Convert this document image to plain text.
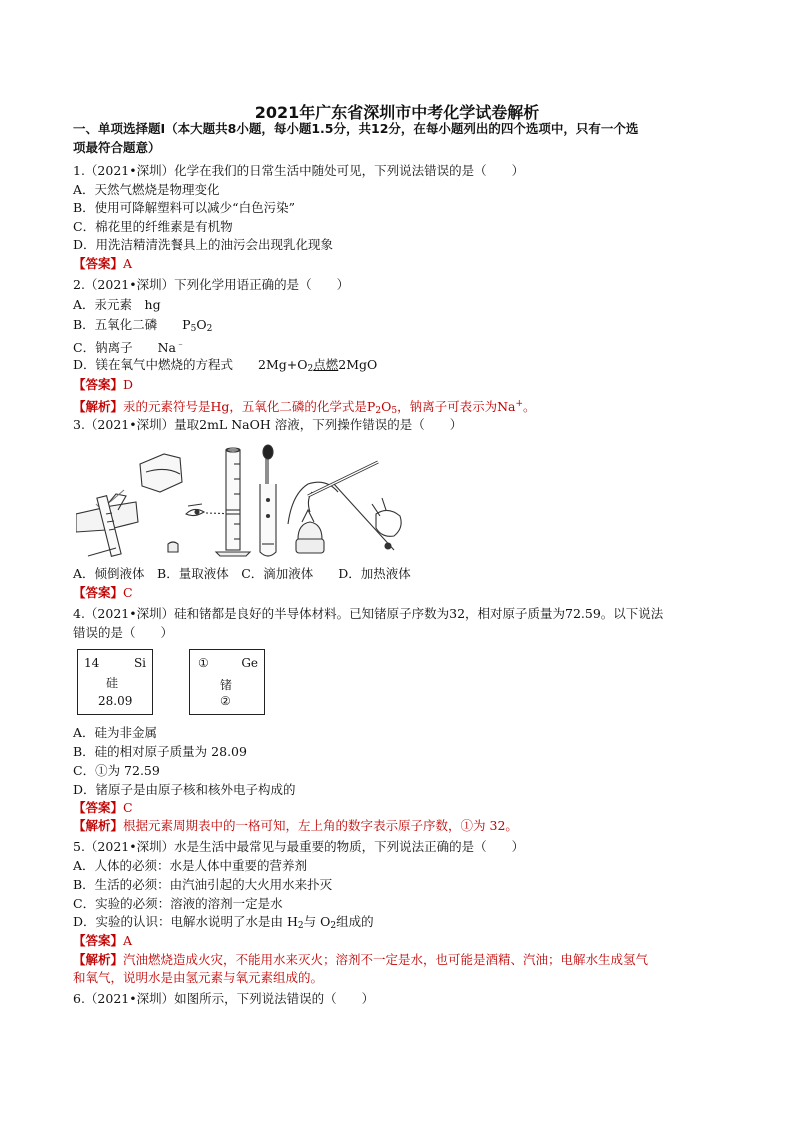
2021年广东省深圳市中考化学试卷解析
一、单项选择题Ⅰ（本大题共8小题，每小题1.5分，共12分，在每小题列出的四个选项中，只有一个选
项最符合题意）
1.（2021•深圳）化学在我们的日常生活中随处可见，下列说法错误的是（　　）
A．天然气燃烧是物理变化
B．使用可降解塑料可以减少“白色污染”
C．棉花里的纤维素是有机物
D．用洗洁精清洗餐具上的油污会出现乳化现象
【答案】A
2.（2021•深圳）下列化学用语正确的是（　　）
A．汞元素　hg
B．五氧化二磷　　$P_5O_2$
C．钠离子　　Na﹣
D．镁在氧气中燃烧的方程式　　$2Mg+O_2$点燃2MgO
【答案】D
【解析】汞的元素符号是Hg，五氧化二磷的化学式是$P_2O_5$，钠离子可表示为Na+。
3.（2021•深圳）量取2mL NaOH 溶液，下列操作错误的是（　　）
A．倾倒液体　B．量取液体　C．滴加液体　　D．加热液体
【答案】C
4.（2021•深圳）硅和锗都是良好的半导体材料。已知锗原子序数为32，相对原子质量为72.59。以下说法
错误的是（　　）
14	Si
硅
28.09
①	Ge
锗
②
A．硅为非金属
B．硅的相对原子质量为 28.09
C．①为 72.59
D．锗原子是由原子核和核外电子构成的
【答案】C
【解析】根据元素周期表中的一格可知，左上角的数字表示原子序数，①为 32。
5.（2021•深圳）水是生活中最常见与最重要的物质，下列说法正确的是（　　）
A．人体的必须：水是人体中重要的营养剂
B．生活的必须：由汽油引起的大火用水来扑灭
C．实验的必须：溶液的溶剂一定是水
D．实验的认识：电解水说明了水是由 $H_2$与 $O_2$组成的
【答案】A
【解析】汽油燃烧造成火灾，不能用水来灭火；溶剂不一定是水，也可能是酒精、汽油；电解水生成氢气
和氧气，说明水是由氢元素与氧元素组成的。
6.（2021•深圳）如图所示，下列说法错误的（　　）
